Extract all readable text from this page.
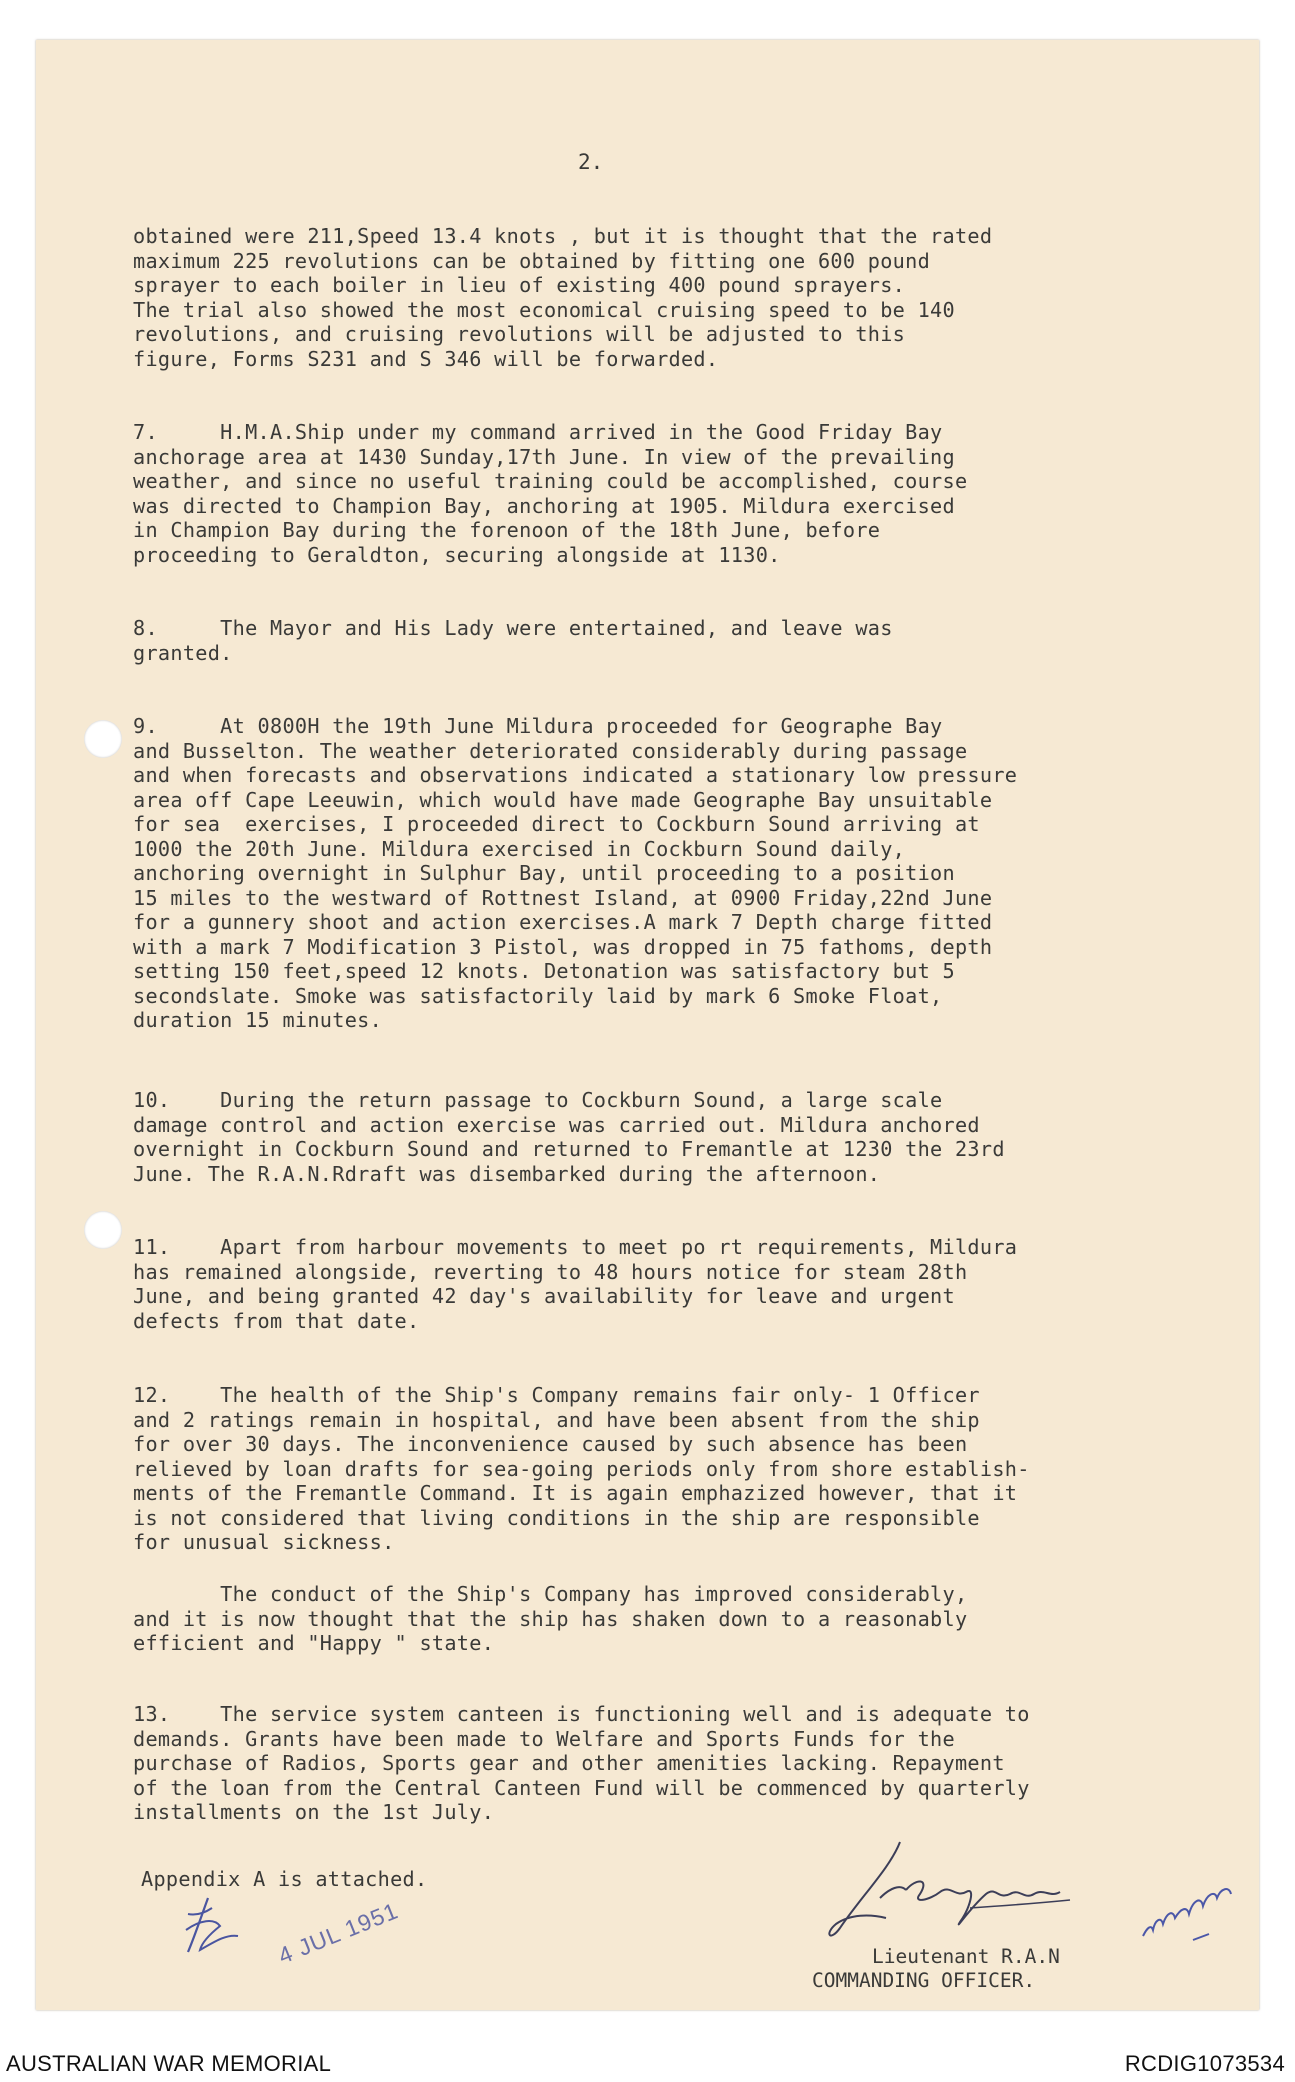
2.
obtained were 211,Speed 13.4 knots , but it is thought that the rated
maximum 225 revolutions can be obtained by fitting one 600 pound
sprayer to each boiler in lieu of existing 400 pound sprayers.
The trial also showed the most economical cruising speed to be 140
revolutions, and cruising revolutions will be adjusted to this
figure, Forms S231 and S 346 will be forwarded.
7.     H.M.A.Ship under my command arrived in the Good Friday Bay
anchorage area at 1430 Sunday,17th June. In view of the prevailing
weather, and since no useful training could be accomplished, course
was directed to Champion Bay, anchoring at 1905. Mildura exercised
in Champion Bay during the forenoon of the 18th June, before
proceeding to Geraldton, securing alongside at 1130.
8.     The Mayor and His Lady were entertained, and leave was
granted.
9.     At 0800H the 19th June Mildura proceeded for Geographe Bay
and Busselton. The weather deteriorated considerably during passage
and when forecasts and observations indicated a stationary low pressure
area off Cape Leeuwin, which would have made Geographe Bay unsuitable
for sea  exercises, I proceeded direct to Cockburn Sound arriving at
1000 the 20th June. Mildura exercised in Cockburn Sound daily,
anchoring overnight in Sulphur Bay, until proceeding to a position
15 miles to the westward of Rottnest Island, at 0900 Friday,22nd June
for a gunnery shoot and action exercises.A mark 7 Depth charge fitted
with a mark 7 Modification 3 Pistol, was dropped in 75 fathoms, depth
setting 150 feet,speed 12 knots. Detonation was satisfactory but 5
secondslate. Smoke was satisfactorily laid by mark 6 Smoke Float,
duration 15 minutes.
10.    During the return passage to Cockburn Sound, a large scale
damage control and action exercise was carried out. Mildura anchored
overnight in Cockburn Sound and returned to Fremantle at 1230 the 23rd
June. The R.A.N.Rdraft was disembarked during the afternoon.
11.    Apart from harbour movements to meet po rt requirements, Mildura
has remained alongside, reverting to 48 hours notice for steam 28th
June, and being granted 42 day's availability for leave and urgent
defects from that date.
12.    The health of the Ship's Company remains fair only- 1 Officer
and 2 ratings remain in hospital, and have been absent from the ship
for over 30 days. The inconvenience caused by such absence has been
relieved by loan drafts for sea-going periods only from shore establish-
ments of the Fremantle Command. It is again emphazized however, that it
is not considered that living conditions in the ship are responsible
for unusual sickness.
The conduct of the Ship's Company has improved considerably,
and it is now thought that the ship has shaken down to a reasonably
efficient and "Happy " state.
13.    The service system canteen is functioning well and is adequate to
demands. Grants have been made to Welfare and Sports Funds for the
purchase of Radios, Sports gear and other amenities lacking. Repayment
of the loan from the Central Canteen Fund will be commenced by quarterly
installments on the 1st July.
Appendix A is attached.
4 JUL 1951	Lieutenant R.A.N
COMMANDING OFFICER.
AUSTRALIAN WAR MEMORIAL	RCDIG1073534
